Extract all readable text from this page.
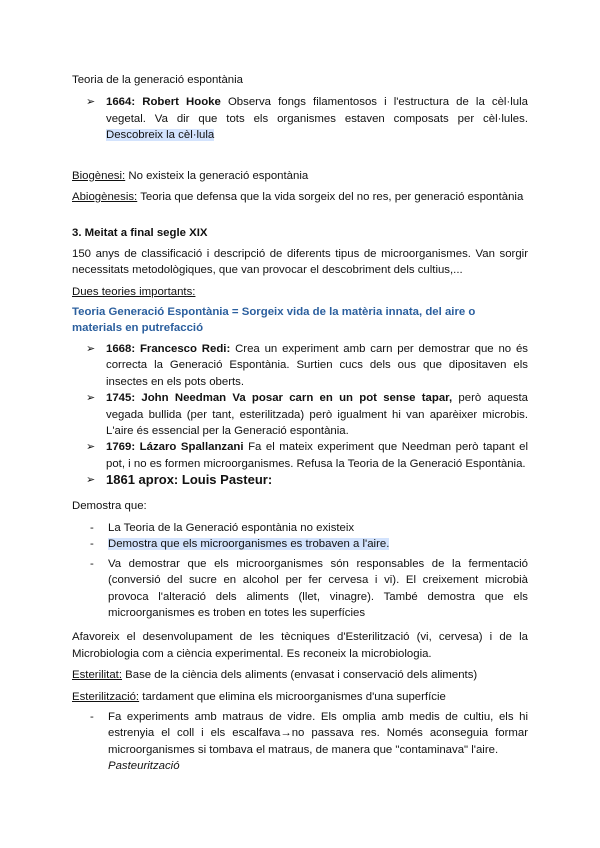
Teoria de la generació espontània

➢ 1664: Robert Hooke Observa fongs filamentosos i l'estructura de la cèl·lula vegetal. Va dir que tots els organismes estaven composats per cèl·lules. Descobreix la cèl·lula

Biogènesi: No existeix la generació espontània

Abiogènesis: Teoria que defensa que la vida sorgeix del no res, per generació espontània

3. Meitat a final segle XIX

150 anys de classificació i descripció de diferents tipus de microorganismes. Van sorgir necessitats metodològiques, que van provocar el descobriment dels cultius,...

Dues teories importants:

Teoria Generació Espontània = Sorgeix vida de la matèria innata, del aire o materials en putrefacció

➢ 1668: Francesco Redi: Crea un experiment amb carn per demostrar que no és correcta la Generació Espontània. Surtien cucs dels ous que dipositaven els insectes en els pots oberts.
➢ 1745: John Needman Va posar carn en un pot sense tapar, però aquesta vegada bullida (per tant, esterilitzada) però igualment hi van aparèixer microbis. L'aire és essencial per la Generació espontània.
➢ 1769: Lázaro Spallanzani Fa el mateix experiment que Needman però tapant el pot, i no es formen microorganismes. Refusa la Teoria de la Generació Espontània.
➢ 1861 aprox: Louis Pasteur:

Demostra que:

- La Teoria de la Generació espontània no existeix
- Demostra que els microorganismes es trobaven a l'aire.
- Va demostrar que els microorganismes són responsables de la fermentació (conversió del sucre en alcohol per fer cervesa i vi). El creixement microbià provoca l'alteració dels aliments (llet, vinagre). També demostra que els microorganismes es troben en totes les superfícies

Afavoreix el desenvolupament de les tècniques d'Esterilització (vi, cervesa) i de la Microbiologia com a ciència experimental. Es reconeix la microbiologia.

Esterilitat: Base de la ciència dels aliments (envasat i conservació dels aliments)

Esterilització: tardament que elimina els microorganismes d'una superfície

- Fa experiments amb matraus de vidre. Els omplia amb medis de cultiu, els hi estrenyia el coll i els escalfava→no passava res. Només aconseguia formar microorganismes si tombava el matraus, de manera que "contaminava" l'aire.
Pasteurització
